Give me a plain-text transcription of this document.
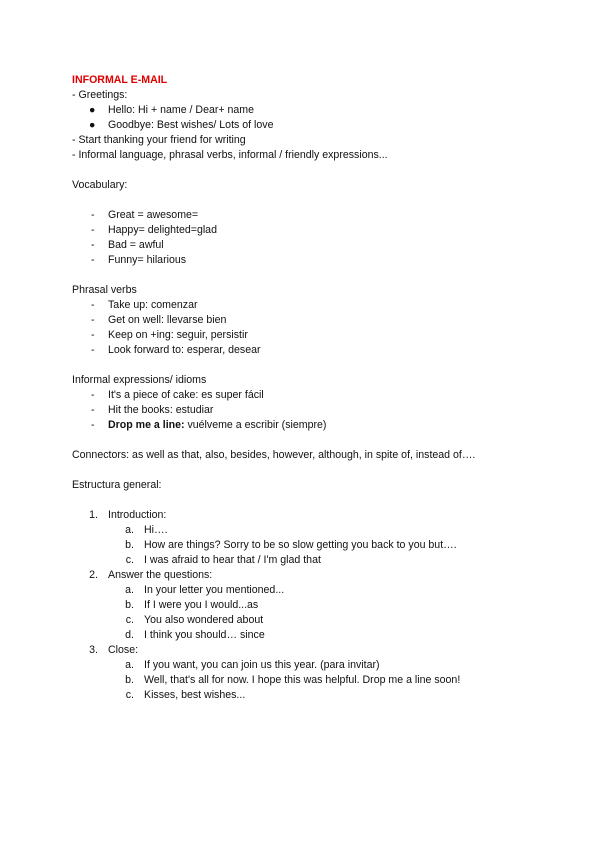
INFORMAL E-MAIL
- Greetings:
● Hello: Hi + name / Dear+ name
● Goodbye: Best wishes/ Lots of love
- Start thanking your friend for writing
- Informal language, phrasal verbs, informal / friendly expressions...
Vocabulary:
- Great = awesome=
- Happy= delighted=glad
- Bad = awful
- Funny= hilarious
Phrasal verbs
- Take up: comenzar
- Get on well: llevarse bien
- Keep on +ing: seguir, persistir
- Look forward to: esperar, desear
Informal expressions/ idioms
- It's a piece of cake: es super fácil
- Hit the books: estudiar
- Drop me a line: vuélveme a escribir (siempre)
Connectors: as well as that, also, besides, however, although, in spite of, instead of….
Estructura general:
1. Introduction:
a. Hi….
b. How are things? Sorry to be so slow getting you back to you but….
c. I was afraid to hear that / I'm glad that
2. Answer the questions:
a. In your letter you mentioned...
b. If I were you I would...as
c. You also wondered about
d. I think you should… since
3. Close:
a. If you want, you can join us this year. (para invitar)
b. Well, that's all for now. I hope this was helpful. Drop me a line soon!
c. Kisses, best wishes...
